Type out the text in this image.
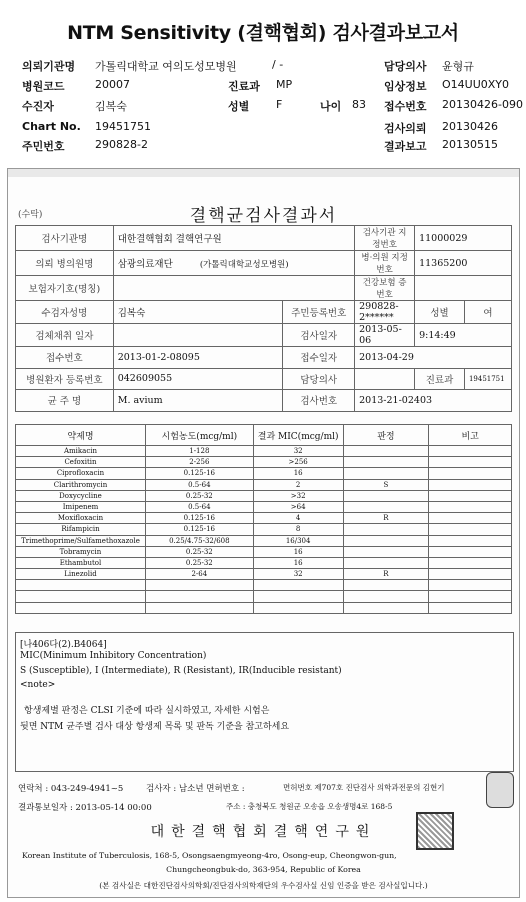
NTM Sensitivity (결핵협회) 검사결과보고서
의뢰기관명 가톨릭대학교 여의도성모병원	/ -	담당의사 윤형규
병원코드	20007	진료과 MP	임상정보 O14UU0XY0
수진자	김복숙	성별 F	나이 83 접수번호 20130426-090
Chart No. 19451751	검사의뢰 20130426
주민번호	290828-2	결과보고 20130515
(수탁)	결핵균검사결과서
검사기관명	대한결핵협회 결핵연구원		검사기관 지정번호	11000029	
의뢰 병의원명	삼광의료재단 (가톨릭대학교성모병원)		병·의원 지정번호	11365200	
보험자기호(명칭)			건강보험 증 번호		
수검자성명	김복숙	주민등록번호	290828-2******	성별	여
검체채취 일자		검사일자	2013-05-06	9:14:49	
접수번호	2013-01-2-08095	접수일자	2013-04-29		
병원환자 등록번호	042609055	담당의사		진료과	19451751
균 주 명	M. avium	검사번호	2013-21-02403		
약제명	시험농도(mcg/ml)	결과 MIC(mcg/ml)	판정	비고
Amikacin	1-128	32		
Cefoxitin	2-256	>256		
Ciprofloxacin	0.125-16	16		
Clarithromycin	0.5-64	2	S	
Doxycycline	0.25-32	>32		
Imipenem	0.5-64	>64		
Moxifloxacin	0.125-16	4	R	
Rifampicin	0.125-16	8		
Trimethoprime/Sulfamethoxazole	0.25/4.75-32/608	16/304		
Tobramycin	0.25-32	16		
Ethambutol	0.25-32	16		
Linezolid	2-64	32	R	

[나406다(2).B4064]
MIC(Minimum Inhibitory Concentration)
S (Susceptible), I (Intermediate), R (Resistant), IR(Inducible resistant)
<note>
항생제별 판정은 CLSI 기준에 따라 실시하였고, 자세한 시험은
뒷면 NTM 균주별 검사 대상 항생제 목록 및 판독 기준을 참고하세요
연락처 : 043-249-4941~5	검사자 : 남소년 면허번호 :	면허번호 제707호 진단검사 의학과전문의 김현기
결과통보일자 : 2013-05-14 00:00	주소 : 충청북도 청원군 오송읍 오송생명4로 168-5
대한결핵협회결핵연구원
Korean Institute of Tuberculosis, 168-5, Osongsaengmyeong-4ro, Osong-eup, Cheongwon-gun,
Chungcheongbuk-do, 363-954, Republic of Korea
(본 검사실은 대한진단검사의학회/진단검사의학재단의 우수검사실 신임 인증을 받은 검사실입니다.)
